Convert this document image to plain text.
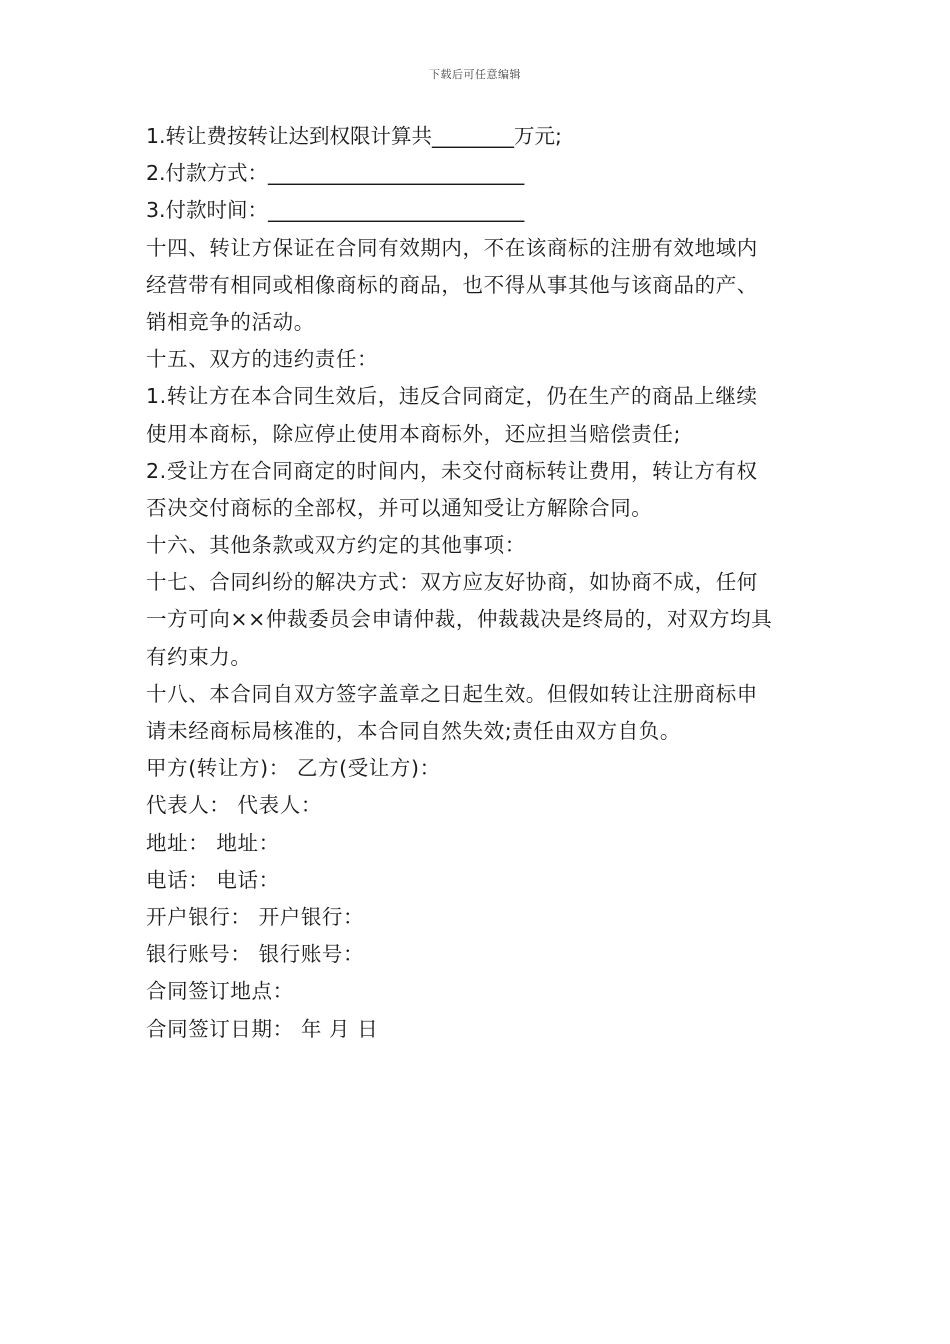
下载后可任意编辑
1.转让费按转让达到权限计算共________万元;
2.付款方式：_________________________
3.付款时间：_________________________
十四、转让方保证在合同有效期内，不在该商标的注册有效地域内
经营带有相同或相像商标的商品，也不得从事其他与该商品的产、
销相竞争的活动。
十五、双方的违约责任：
1.转让方在本合同生效后，违反合同商定，仍在生产的商品上继续
使用本商标，除应停止使用本商标外，还应担当赔偿责任;
2.受让方在合同商定的时间内，未交付商标转让费用，转让方有权
否决交付商标的全部权，并可以通知受让方解除合同。
十六、其他条款或双方约定的其他事项：
十七、合同纠纷的解决方式：双方应友好协商，如协商不成，任何
一方可向××仲裁委员会申请仲裁，仲裁裁决是终局的，对双方均具
有约束力。
十八、本合同自双方签字盖章之日起生效。但假如转让注册商标申
请未经商标局核准的，本合同自然失效;责任由双方自负。
甲方(转让方)： 乙方(受让方)：
代表人： 代表人：
地址： 地址：
电话： 电话：
开户银行： 开户银行：
银行账号： 银行账号：
合同签订地点：
合同签订日期： 年 月 日
